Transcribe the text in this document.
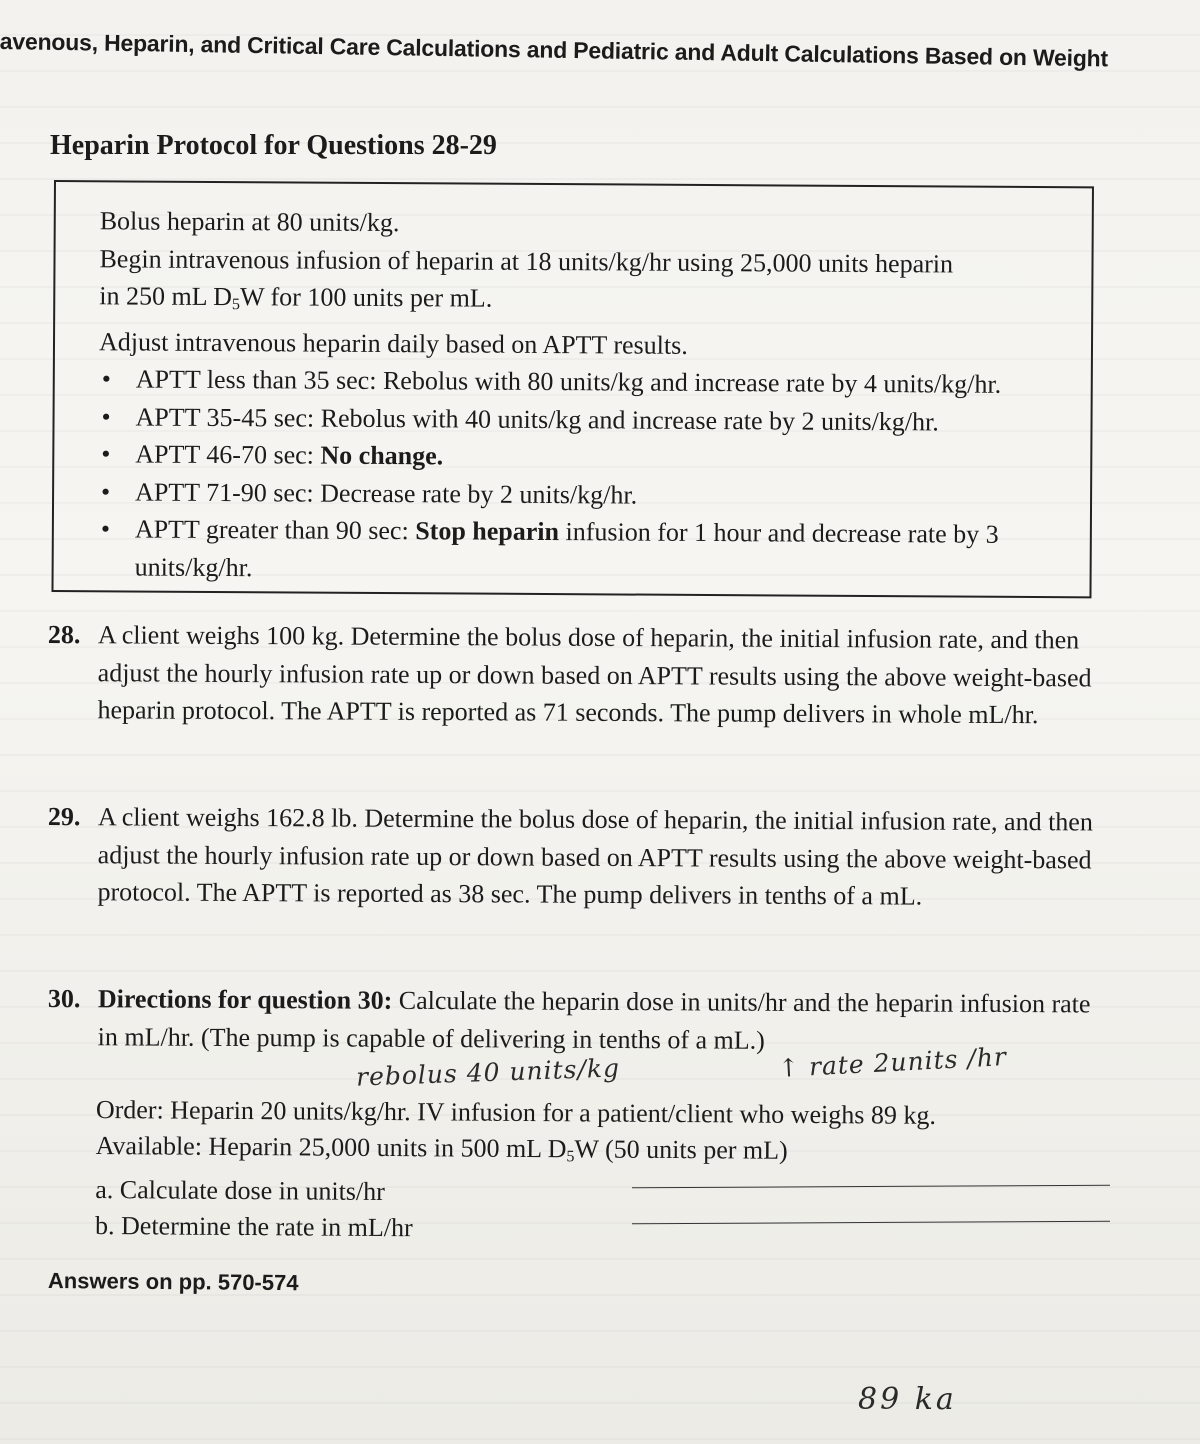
avenous, Heparin, and Critical Care Calculations and Pediatric and Adult Calculations Based on Weight
Heparin Protocol for Questions 28-29

Bolus heparin at 80 units/kg.

Begin intravenous infusion of heparin at 18 units/kg/hr using 25,000 units heparin

in 250 mL $D_5W$ for 100 units per mL.

Adjust intravenous heparin daily based on APTT results.

• APTT less than 35 sec: Rebolus with 80 units/kg and increase rate by 4 units/kg/hr.
• APTT 35-45 sec: Rebolus with 40 units/kg and increase rate by 2 units/kg/hr.
• APTT 46-70 sec: No change.
• APTT 71-90 sec: Decrease rate by 2 units/kg/hr.
• APTT greater than 90 sec: Stop heparin infusion for 1 hour and decrease rate by 3 units/kg/hr.
28. A client weighs 100 kg. Determine the bolus dose of heparin, the initial infusion rate, and then adjust the hourly infusion rate up or down based on APTT results using the above weight-based heparin protocol. The APTT is reported as 71 seconds. The pump delivers in whole mL/hr.
29. A client weighs 162.8 lb. Determine the bolus dose of heparin, the initial infusion rate, and then adjust the hourly infusion rate up or down based on APTT results using the above weight-based protocol. The APTT is reported as 38 sec. The pump delivers in tenths of a mL.
30. Directions for question 30: Calculate the heparin dose in units/hr and the heparin infusion rate in mL/hr. (The pump is capable of delivering in tenths of a mL.)
rebolus 40 units/kg	↑ rate 2units /hr

Order: Heparin 20 units/kg/hr. IV infusion for a patient/client who weighs 89 kg.

Available: Heparin 25,000 units in 500 mL $D_5W$ (50 units per mL)

a. Calculate dose in units/hr

b. Determine the rate in mL/hr

Answers on pp. 570-574
89 ka
